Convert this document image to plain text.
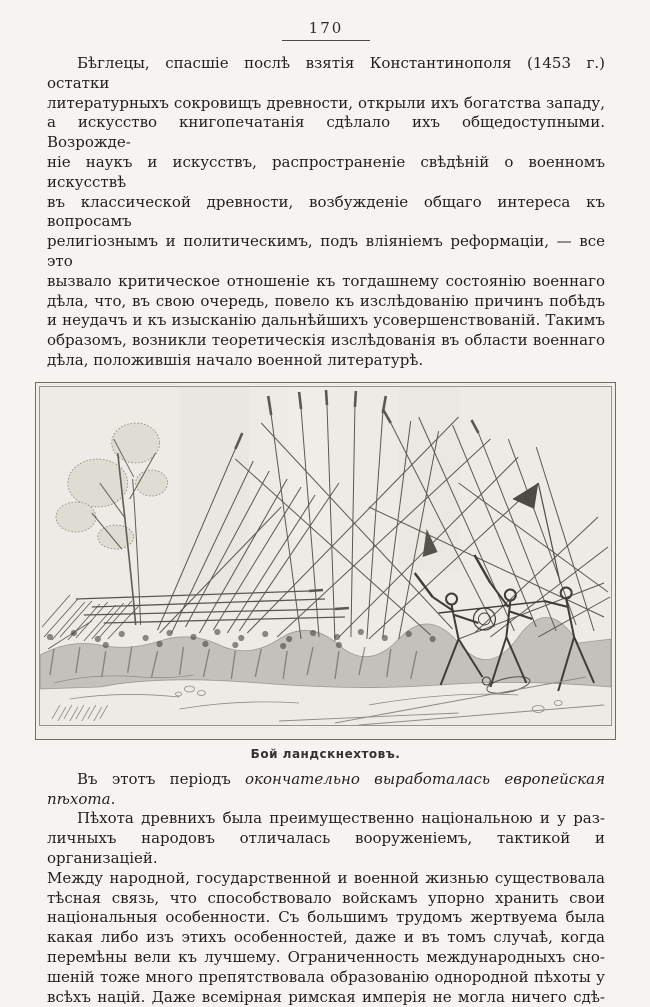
170
Бѣглецы, спасшіе послѣ взятія Константинополя (1453 г.) остатки
литературныхъ сокровищъ древности, открыли ихъ богатства западу,
а искусство книгопечатанія сдѣлало ихъ общедоступными. Возрожде-
ніе наукъ и искусствъ, распространеніе свѣдѣній о военномъ искусствѣ
въ классической древности, возбужденіе общаго интереса къ вопросамъ
религіознымъ и политическимъ, подъ вліяніемъ реформаціи, — все это
вызвало критическое отношеніе къ тогдашнему состоянію военнаго
дѣла, что, въ свою очередь, повело къ изслѣдованію причинъ побѣдъ
и неудачъ и къ изысканію дальнѣйшихъ усовершенствованій. Такимъ
образомъ, возникли теоретическія изслѣдованія въ области военнаго
дѣла, положившія начало военной литературѣ.
Бой ландскнехтовъ.
Въ этотъ періодъ окончательно выработалась европейская пѣхота.
Пѣхота древнихъ была преимущественно національною и у раз-
личныхъ народовъ отличалась вооруженіемъ, тактикой и организаціей.
Между народной, государственной и военной жизнью существовала
тѣсная связь, что способствовало войскамъ упорно хранить свои
національныя особенности. Съ большимъ трудомъ жертвуема была
какая либо изъ этихъ особенностей, даже и въ томъ случаѣ, когда
перемѣны вели къ лучшему. Ограниченность международныхъ сно-
шеній тоже много препятствовала образованію однородной пѣхоты у
всѣхъ націй. Даже всемірная римская имперія не могла ничего сдѣ-
